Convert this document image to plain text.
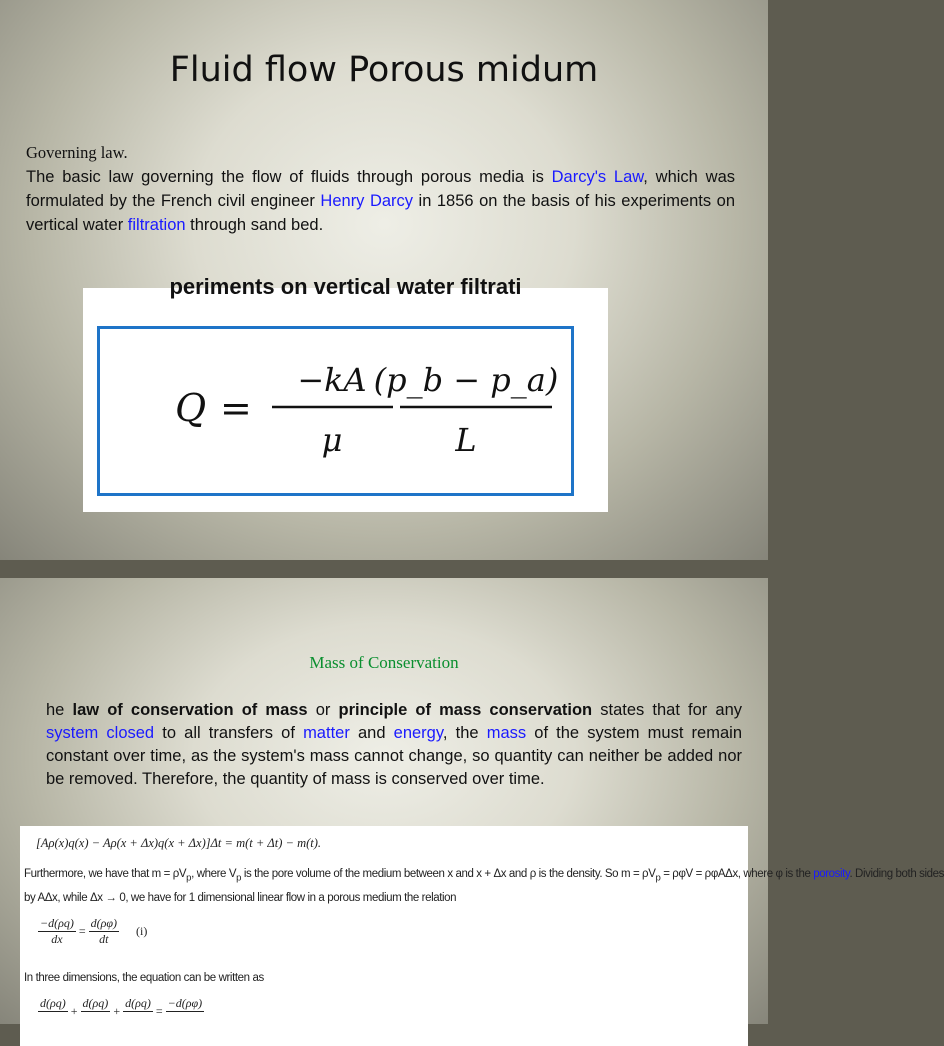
Fluid flow Porous midum
Governing law.
The basic law governing the flow of fluids through porous media is Darcy's Law, which was formulated by the French civil engineer Henry Darcy in 1856 on the basis of his experiments on vertical water filtration through sand bed.
periments on vertical water filtrati
Q =
−kA
μ
(p_b − p_a)
L
Mass of Conservation
he law of conservation of mass or principle of mass conservation states that for any system closed to all transfers of matter and energy, the mass of the system must remain constant over time, as the system's mass cannot change, so quantity can neither be added nor be removed. Therefore, the quantity of mass is conserved over time.
[Aρ(x)q(x) − Aρ(x + Δx)q(x + Δx)]Δt = m(t + Δt) − m(t).
Furthermore, we have that $m = \rho V_p$, where $V_p$ is the pore volume of the medium between x and x + Δx and ρ is the density. So $m = \rho V_p = \rho\varphi V = \rho\varphi A\Delta x$, where φ is the porosity. Dividing both sides
by AΔx, while Δx → 0, we have for 1 dimensional linear flow in a porous medium the relation
$\frac{-d(\rho q)}{dx} = \frac{d(\rho\varphi)}{dt} (i)$
In three dimensions, the equation can be written as
d(ρq)

+
d(ρq)

+
d(ρq)

=
−d(ρφ)
